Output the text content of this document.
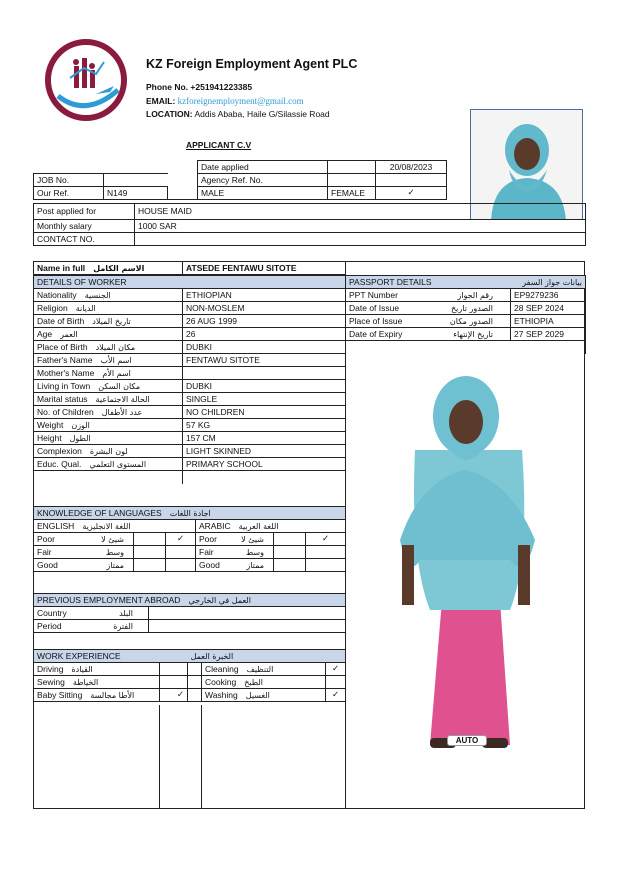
KZ Foreign Employment Agent PLC
Phone No. +251941223385
EMAIL: kzforeignemployment@gmail.com
LOCATION: Addis Ababa, Haile G/Silassie Road
APPLICANT C.V
			Date applied		20/08/2023
JOB No.			Agency Ref. No.		
Our Ref.	N149		MALE	FEMALE	✓
Post applied for	HOUSE MAID
Monthly salary	1000 SAR
CONTACT NO.	
Name in full الاسم الكامل	ATSEDE FENTAWU SITOTE
DETAILS OF WORKER	
Nationality الجنسية	ETHIOPIAN
Religion الديانة	NON-MOSLEM
Date of Birth تاريخ الميلاد	26 AUG 1999
Age العمر	26
Place of Birth مكان الميلاد	DUBKI
Father's Name اسم الأب	FENTAWU SITOTE
Mother's Name اسم الأم	
Living in Town مكان السكن	DUBKI
Marital status الحالة الاجتماعية	SINGLE
No. of Children عدد الأطفال	NO CHILDREN
Weight الوزن	57 KG
Height الطول	157 CM
Complexion لون البشرة	LIGHT SKINNED
Educ. Qual. المستوى التعلمي	PRIMARY SCHOOL

PASSPORT DETAILS بيانات جواز السفر	

PPT Number رقم الجواز	EP9279236
Date of Issue الصدور تاريخ	28 SEP 2024
Place of Issue الصدور مكان	ETHIOPIA
Date of Expiry تاريخ الإنتهاء	27 SEP 2029

AUTO
KNOWLEDGE OF LANGUAGES اجادة اللغات					
ENGLISH اللغة الانجليزية			ARABIC اللغة العربية		
Poor شيئ لا		✓	Poor شيئ لا		✓
Fair وسط			Fair وسط		

Good ممتاز			Good ممتاز		

PREVIOUS EMPLOYMENT ABROAD العمل في الخارجي	
Country البلد	

Period الفترة	

WORK EXPERIENCE الخبرة العمل				
Driving القيادة			Cleaning التنظيف	✓
Sewing الخياطة			Cooking الطبخ	
Baby Sitting الأطا مجالسة	✓		Washing الغسيل	✓
